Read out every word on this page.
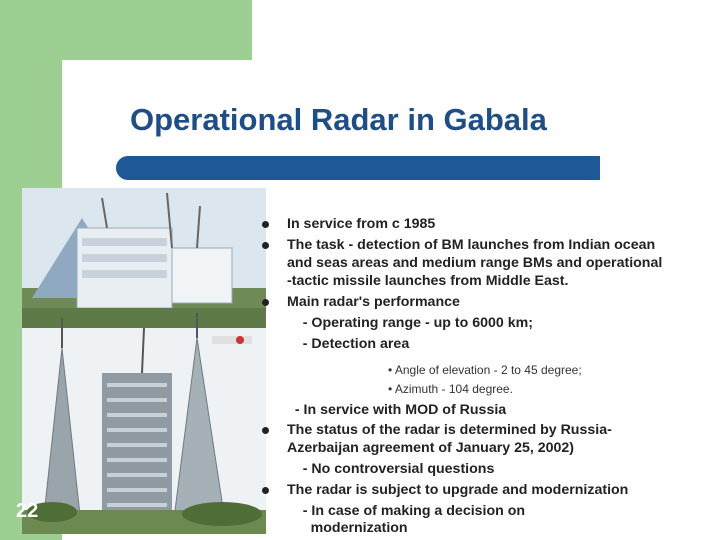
Operational Radar in Gabala
In service from c 1985
The task - detection of BM launches from Indian ocean
and seas areas and medium range BMs and operational
-tactic missile launches from Middle East.
Main radar's performance
- Operating range - up to 6000 km;
- Detection area
• Angle of elevation - 2 to 45 degree;
• Azimuth - 104 degree.
- In service with MOD of Russia
The status of the radar is determined by Russia-
Azerbaijan agreement of January 25, 2002)
- No controversial questions
The radar is subject to upgrade and modernization
- In case of making a decision on
modernization
22
